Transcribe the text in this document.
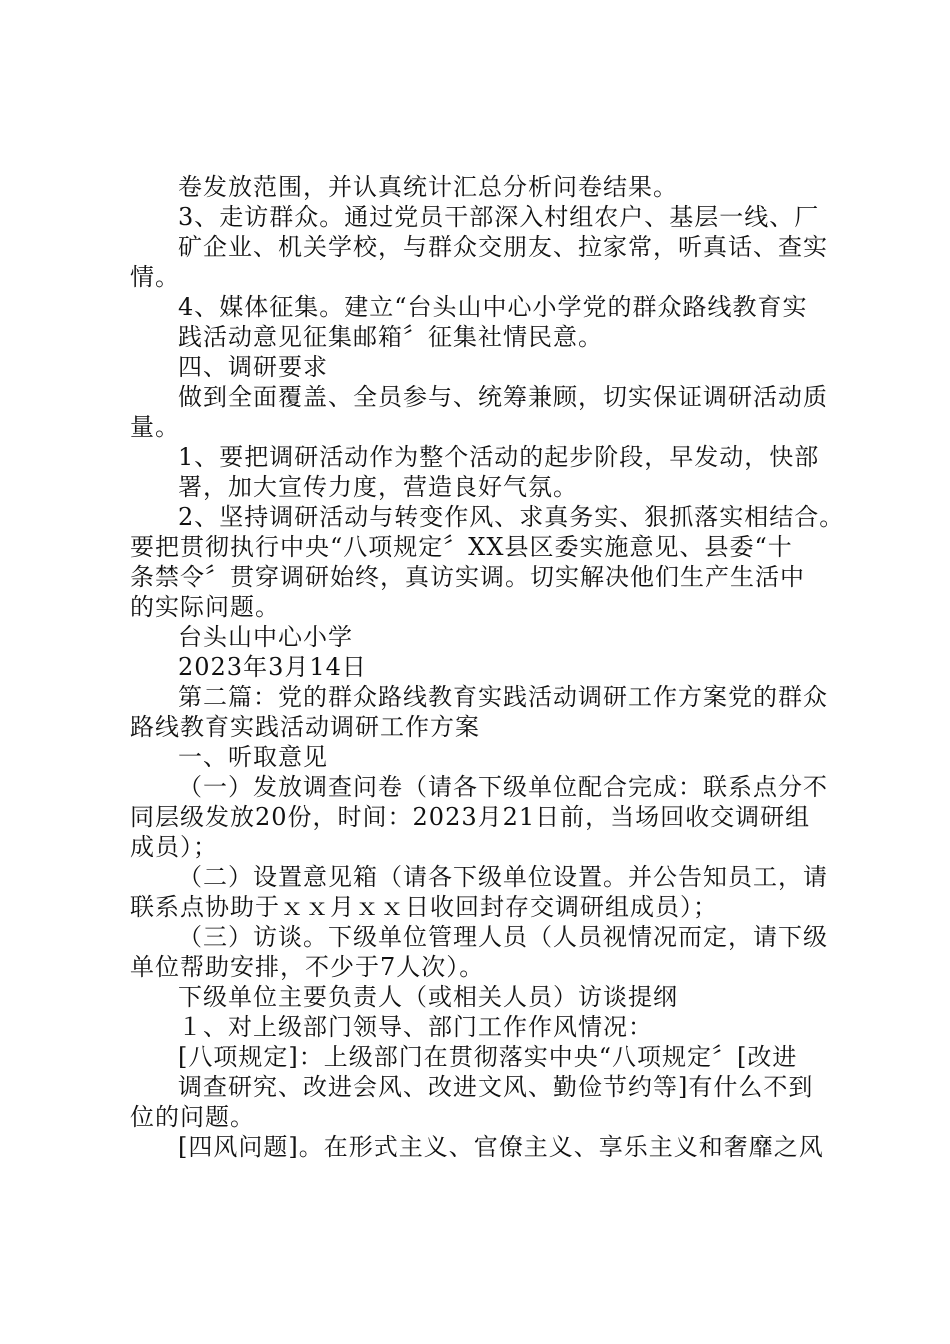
卷发放范围，并认真统计汇总分析问卷结果。
3、走访群众。通过党员干部深入村组农户、基层一线、厂
矿企业、机关学校，与群众交朋友、拉家常，听真话、查实
情。
4、媒体征集。建立“台头山中心小学党的群众路线教育实
践活动意见征集邮箱〞征集社情民意。
四、调研要求
做到全面覆盖、全员参与、统筹兼顾，切实保证调研活动质
量。
1、要把调研活动作为整个活动的起步阶段，早发动，快部
署，加大宣传力度，营造良好气氛。
2、坚持调研活动与转变作风、求真务实、狠抓落实相结合。
要把贯彻执行中央“八项规定〞XX县区委实施意见、县委“十
条禁令〞贯穿调研始终，真访实调。切实解决他们生产生活中
的实际问题。
台头山中心小学
2023年3月14日
第二篇：党的群众路线教育实践活动调研工作方案党的群众
路线教育实践活动调研工作方案
一、听取意见
（一）发放调查问卷（请各下级单位配合完成：联系点分不
同层级发放20份，时间：2023月21日前，当场回收交调研组
成员）；
（二）设置意见箱（请各下级单位设置。并公告知员工，请
联系点协助于ｘｘ月ｘｘ日收回封存交调研组成员）；
（三）访谈。下级单位管理人员（人员视情况而定，请下级
单位帮助安排，不少于7人次）。
下级单位主要负责人（或相关人员）访谈提纲
１、对上级部门领导、部门工作作风情况：
[八项规定]：上级部门在贯彻落实中央“八项规定〞[改进
调查研究、改进会风、改进文风、勤俭节约等]有什么不到
位的问题。
[四风问题]。在形式主义、官僚主义、享乐主义和奢靡之风
